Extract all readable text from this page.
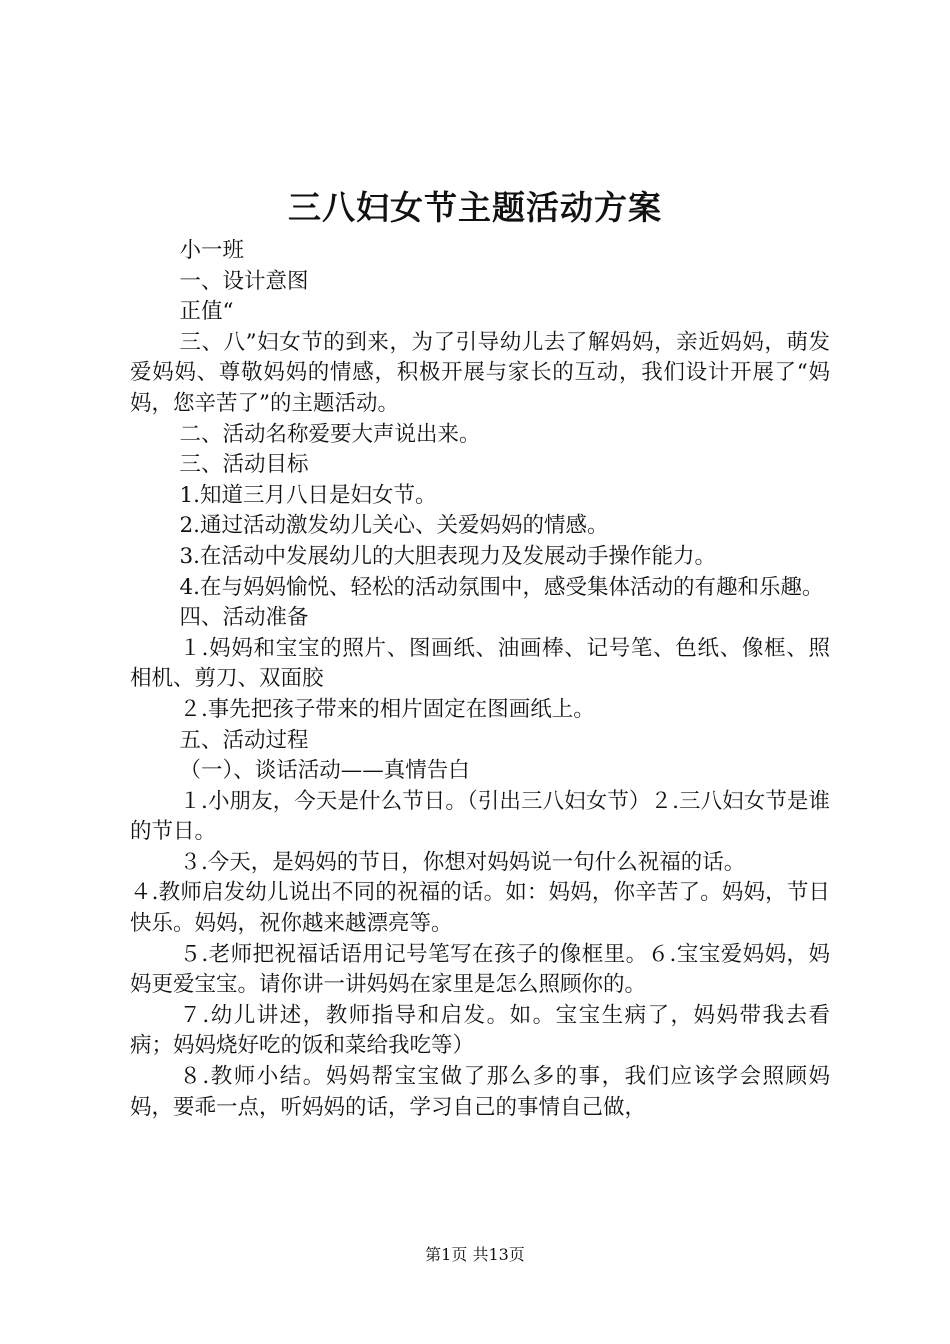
三八妇女节主题活动方案

小一班

一、设计意图

正值“

三、八”妇女节的到来，为了引导幼儿去了解妈妈，亲近妈妈，萌发爱妈妈、尊敬妈妈的情感，积极开展与家长的互动，我们设计开展了“妈妈，您辛苦了”的主题活动。

二、活动名称爱要大声说出来。

三、活动目标

1.知道三月八日是妇女节。

2.通过活动激发幼儿关心、关爱妈妈的情感。

3.在活动中发展幼儿的大胆表现力及发展动手操作能力。

4.在与妈妈愉悦、轻松的活动氛围中，感受集体活动的有趣和乐趣。

四、活动准备

１.妈妈和宝宝的照片、图画纸、油画棒、记号笔、色纸、像框、照相机、剪刀、双面胶

２.事先把孩子带来的相片固定在图画纸上。

五、活动过程

（一）、谈话活动——真情告白

１.小朋友，今天是什么节日。（引出三八妇女节）２.三八妇女节是谁的节日。

３.今天，是妈妈的节日，你想对妈妈说一句什么祝福的话。

４.教师启发幼儿说出不同的祝福的话。如：妈妈，你辛苦了。妈妈，节日快乐。妈妈，祝你越来越漂亮等。

５.老师把祝福话语用记号笔写在孩子的像框里。６.宝宝爱妈妈，妈妈更爱宝宝。请你讲一讲妈妈在家里是怎么照顾你的。

７.幼儿讲述，教师指导和启发。如。宝宝生病了，妈妈带我去看病；妈妈烧好吃的饭和菜给我吃等）

８.教师小结。妈妈帮宝宝做了那么多的事，我们应该学会照顾妈妈，要乖一点，听妈妈的话，学习自己的事情自己做，

第1页 共13页
